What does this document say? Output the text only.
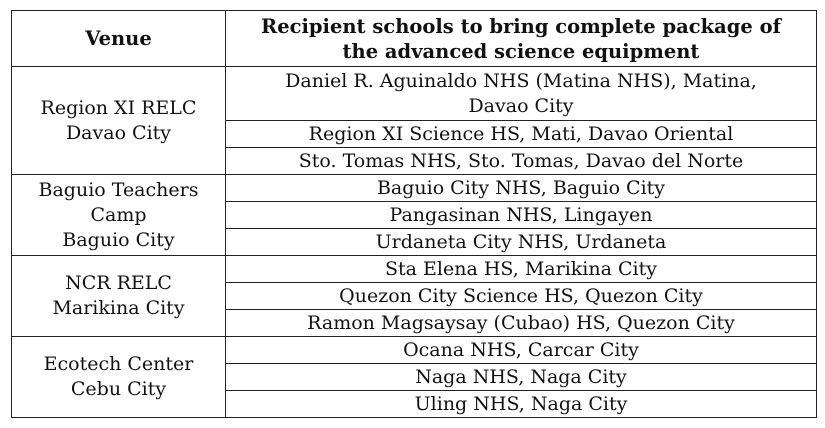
Venue	Recipient schools to bring complete package of
the advanced science equipment

Region XI RELC
Davao City	Daniel R. Aguinaldo NHS (Matina NHS), Matina,
Davao City

	Region XI Science HS, Mati, Davao Oriental
	Sto. Tomas NHS, Sto. Tomas, Davao del Norte

Baguio Teachers
Camp
Baguio City	Baguio City NHS, Baguio City
	Pangasinan NHS, Lingayen
	Urdaneta City NHS, Urdaneta

NCR RELC
Marikina City	Sta Elena HS, Marikina City
	Quezon City Science HS, Quezon City
	Ramon Magsaysay (Cubao) HS, Quezon City

Ecotech Center
Cebu City	Ocana NHS, Carcar City
	Naga NHS, Naga City
	Uling NHS, Naga City
